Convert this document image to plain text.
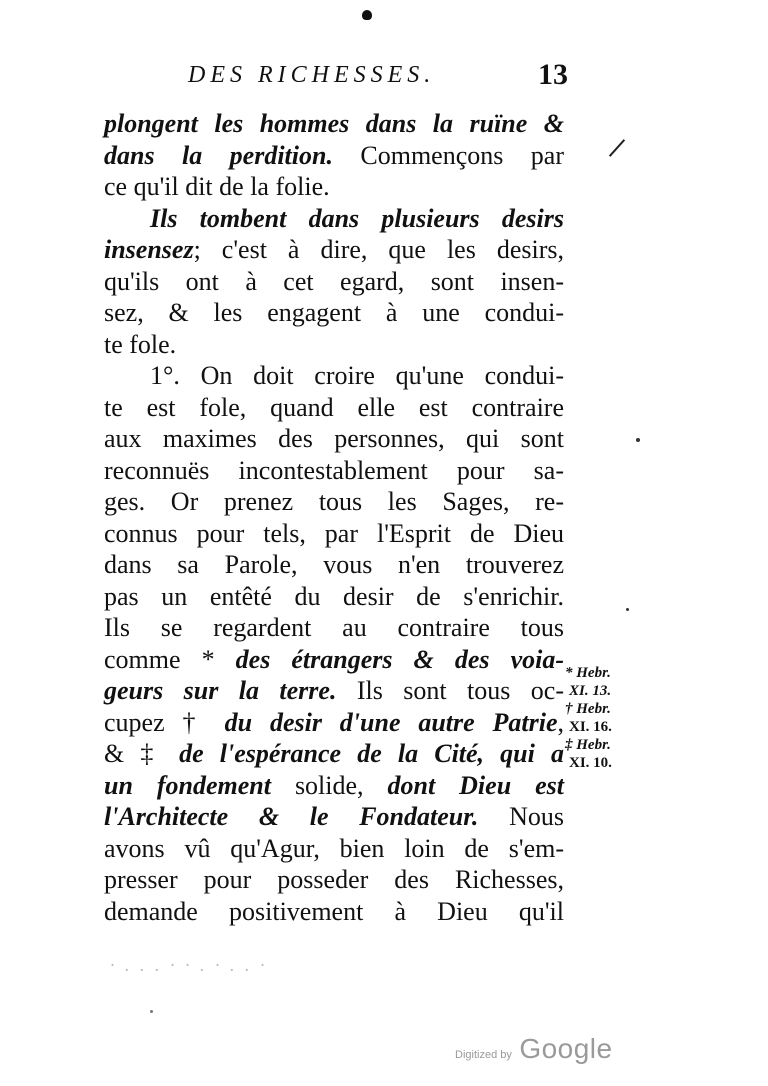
DES RICHESSES.	13
plongent les hommes dans la ruïne &
dans la perdition. Commençons par
ce qu'il dit de la folie.
Ils tombent dans plusieurs desirs
insensez; c'est à dire, que les desirs,
qu'ils ont à cet egard, sont insen-
sez, & les engagent à une condui-
te fole.
1°. On doit croire qu'une condui-
te est fole, quand elle est contraire
aux maximes des personnes, qui sont
reconnuës incontestablement pour sa-
ges. Or prenez tous les Sages, re-
connus pour tels, par l'Esprit de Dieu
dans sa Parole, vous n'en trouverez
pas un entêté du desir de s'enrichir.
Ils se regardent au contraire tous
comme * des étrangers & des voia-
geurs sur la terre. Ils sont tous oc-
cupez † du desir d'une autre Patrie,
& ‡ de l'espérance de la Cité, qui a
un fondement solide, dont Dieu est
l'Architecte & le Fondateur. Nous
avons vû qu'Agur, bien loin de s'em-
presser pour posseder des Richesses,
demande positivement à Dieu qu'il
* Hebr.
XI. 13.
† Hebr.
XI. 16.
‡ Hebr.
XI. 10.
· . . . · · . · . . ·
Digitized by Google
